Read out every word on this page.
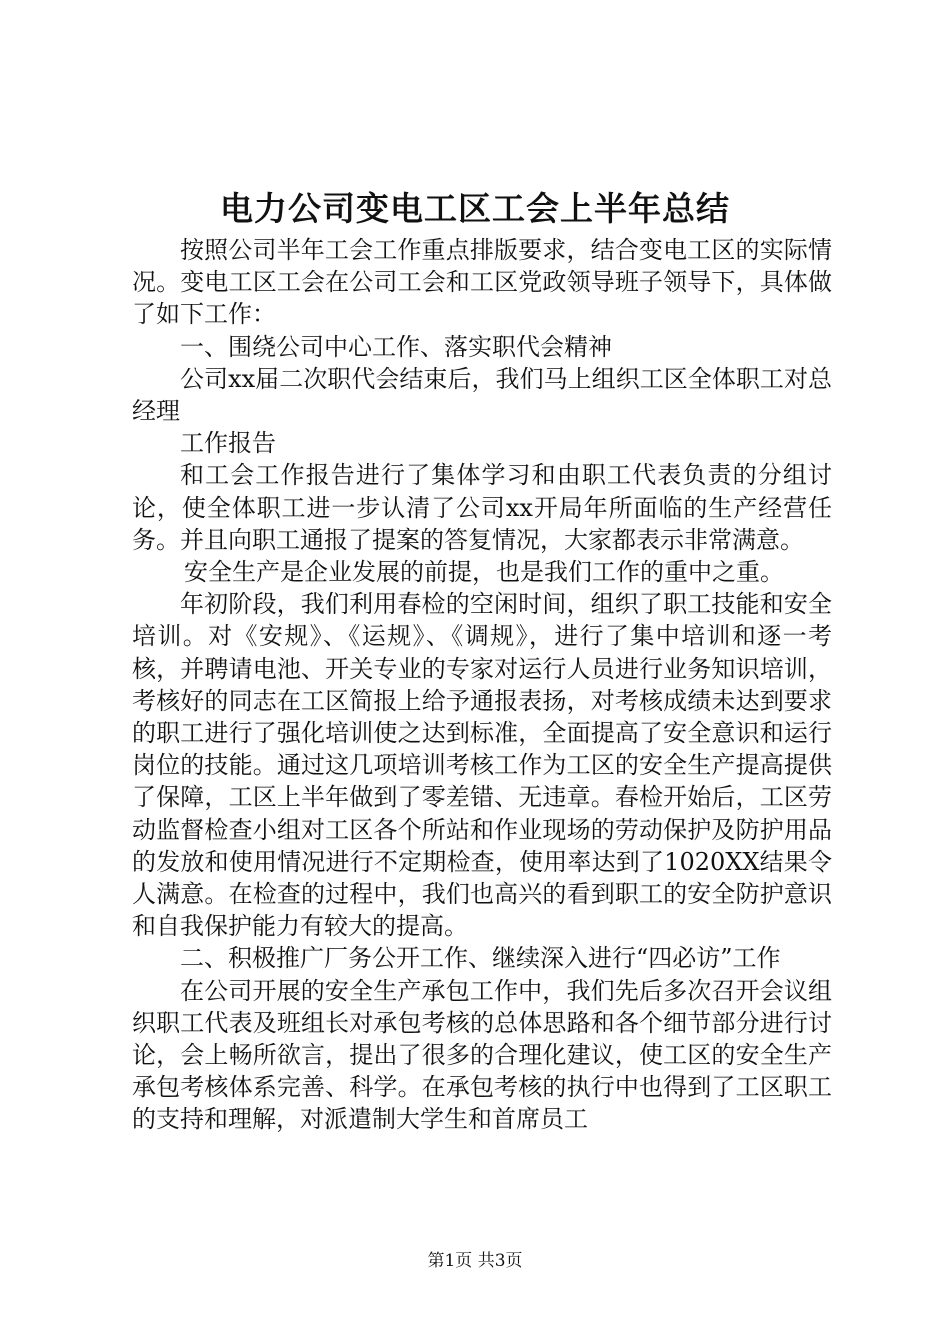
电力公司变电工区工会上半年总结

按照公司半年工会工作重点排版要求，结合变电工区的实际情况。变电工区工会在公司工会和工区党政领导班子领导下，具体做了如下工作：

一、围绕公司中心工作、落实职代会精神

公司xx届二次职代会结束后，我们马上组织工区全体职工对总经理

工作报告

和工会工作报告进行了集体学习和由职工代表负责的分组讨论，使全体职工进一步认清了公司xx开局年所面临的生产经营任务。并且向职工通报了提案的答复情况，大家都表示非常满意。

安全生产是企业发展的前提，也是我们工作的重中之重。

年初阶段，我们利用春检的空闲时间，组织了职工技能和安全培训。对《安规》、《运规》、《调规》，进行了集中培训和逐一考核，并聘请电池、开关专业的专家对运行人员进行业务知识培训，考核好的同志在工区简报上给予通报表扬，对考核成绩未达到要求的职工进行了强化培训使之达到标准，全面提高了安全意识和运行岗位的技能。通过这几项培训考核工作为工区的安全生产提高提供了保障，工区上半年做到了零差错、无违章。春检开始后，工区劳动监督检查小组对工区各个所站和作业现场的劳动保护及防护用品的发放和使用情况进行不定期检查，使用率达到了1020XX结果令人满意。在检查的过程中，我们也高兴的看到职工的安全防护意识和自我保护能力有较大的提高。

二、积极推广厂务公开工作、继续深入进行“四必访”工作

在公司开展的安全生产承包工作中，我们先后多次召开会议组织职工代表及班组长对承包考核的总体思路和各个细节部分进行讨论，会上畅所欲言，提出了很多的合理化建议，使工区的安全生产承包考核体系完善、科学。在承包考核的执行中也得到了工区职工的支持和理解，对派遣制大学生和首席员工

第1页 共3页
